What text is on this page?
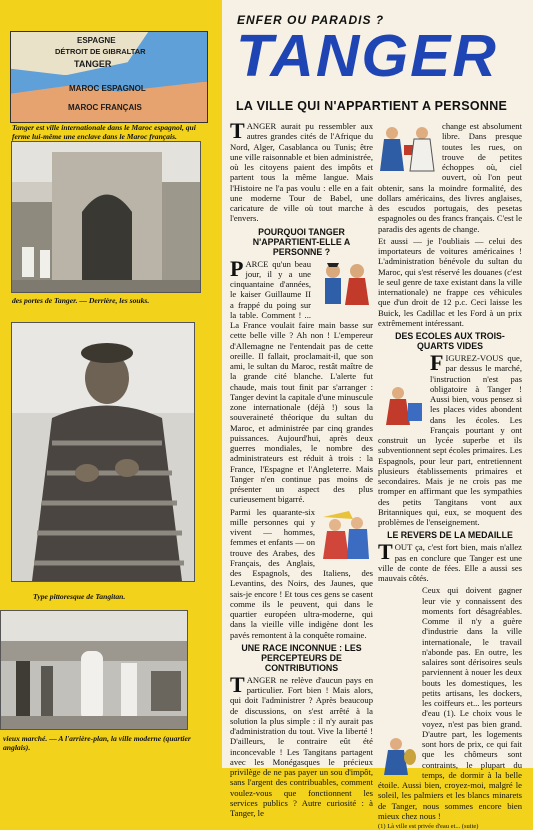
ESPAGNE
DÉTROIT DE GIBRALTAR
TANGER
MAROC ESPAGNOL
MAROC FRANÇAIS
Tanger est ville internationale dans le Maroc espagnol, qui ferme lui-même une enclave dans le Maroc français.
des portes de Tanger. — Derrière, les souks.
Type pittoresque de Tangitan.
vieux marché. — A l'arrière-plan, la ville moderne (quartier anglais).
ENFER OU PARADIS ?
TANGER
LA VILLE QUI N'APPARTIENT A PERSONNE

TANGER aurait pu ressembler aux autres grandes cités de l'Afrique du Nord, Alger, Casablanca ou Tunis; être une ville raisonnable et bien administrée, où les citoyens paient des impôts et partent tous la même langue. Mais l'Histoire ne l'a pas voulu : elle en a fait une moderne Tour de Babel, une caricature de ville où tout marche à l'envers.

POURQUOI TANGER N'APPARTIENT-ELLE A PERSONNE ?

PARCE qu'un beau jour, il y a une cinquantaine d'années, le kaiser Guillaume II a frappé du poing sur la table. Comment ! ... La France voulait faire main basse sur cette belle ville ? Ah non ! L'empereur d'Allemagne ne l'entendait pas de cette oreille. Il fallait, proclamait-il, que son ami, le sultan du Maroc, restât maître de la grande cité blanche. L'alerte fut chaude, mais tout finit par s'arranger : Tanger devint la capitale d'une minuscule zone internationale (déjà !) sous la souveraineté théorique du sultan du Maroc, et administrée par cinq grandes puissances. Aujourd'hui, après deux guerres mondiales, le nombre des administrateurs est réduit à trois : la France, l'Espagne et l'Angleterre. Mais Tanger n'en continue pas moins de présenter un aspect des plus curieusement bigarré.

Parmi les quarante-six mille personnes qui y vivent — hommes, femmes et enfants — on trouve des Arabes, des Français, des Anglais, des Espagnols, des Italiens, des Levantins, des Noirs, des Jaunes, que sais-je encore ! Et tous ces gens se casent comme ils le peuvent, qui dans le quartier européen ultra-moderne, qui dans la vieille ville indigène dont les pavés remontent à la conquête romaine.

UNE RACE INCONNUE : LES PERCEPTEURS DE CONTRIBUTIONS

TANGER ne relève d'aucun pays en particulier. Fort bien ! Mais alors, qui doit l'administrer ? Après beaucoup de discussions, on s'est arrêté à la solution la plus simple : il n'y aurait pas d'administration du tout. Vive la liberté ! D'ailleurs, le contraire eût été inconcevable ! Les Tangitans partagent avec les Monégasques le précieux privilège de ne pas payer un sou d'impôt, sans l'argent des contribuables, comment voulez-vous que fonctionnent les services publics ? Autre curiosité : à Tanger, le

change est absolument libre. Dans presque toutes les rues, on trouve de petites échoppes où, ciel ouvert, où l'on peut obtenir, sans la moindre formalité, des dollars américains, des livres anglaises, des escudos portugais, des pesetas espagnoles ou des francs français. C'est le paradis des agents de change.

Et aussi — je l'oubliais — celui des importateurs de voitures américaines ! L'administration bénévole du sultan du Maroc, qui s'est réservé les douanes (c'est le seul genre de taxe existant dans la ville internationale) ne frappe ces véhicules que d'un droit de 12 p.c. Ceci laisse les Buick, les Cadillac et les Ford à un prix extrêmement intéressant.

DES ECOLES AUX TROIS-QUARTS VIDES

FIGUREZ-VOUS que, par dessus le marché, l'instruction n'est pas obligatoire à Tanger ! Aussi bien, vous pensez si les places vides abondent dans les écoles. Les Français pourtant y ont construit un lycée superbe et ils subventionnent sept écoles primaires. Les Espagnols, pour leur part, entretiennent plusieurs établissements primaires et secondaires. Mais je ne crois pas me tromper en affirmant que les sympathies des petits Tangitans vont aux Britanniques qui, eux, se moquent des problèmes de l'enseignement.

LE REVERS DE LA MEDAILLE

TOUT ça, c'est fort bien, mais n'allez pas en conclure que Tanger est une ville de conte de fées. Elle a aussi ses mauvais côtés.

Ceux qui doivent gagner leur vie y connaissent des moments fort désagréables. Comme il n'y a guère d'industrie dans la ville internationale, le travail n'abonde pas. En outre, les salaires sont dérisoires seuls parviennent à nouer les deux bouts les domestiques, les petits artisans, les dockers, les coiffeurs et... les porteurs d'eau (1). Le choix vous le voyez, n'est pas bien grand. D'autre part, les logements sont hors de prix, ce qui fait que les chômeurs sont contraints, le plupart du temps, de dormir à la belle étoile. Aussi bien, croyez-moi, malgré le soleil, les palmiers et les blancs minarets de Tanger, nous sommes encore bien mieux chez nous !

(1) Là ville est privée d'eau et... (suite)
